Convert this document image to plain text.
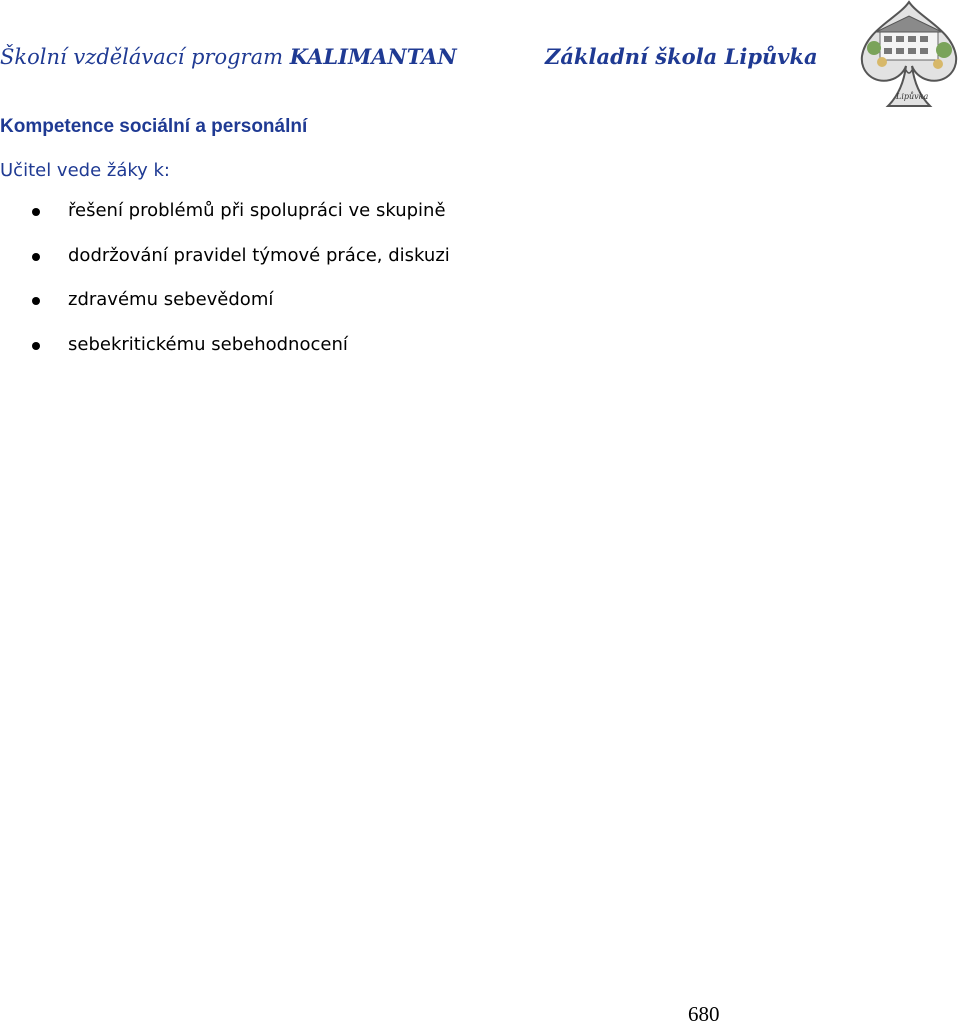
Školní vzdělávací program KALIMANTAN	Základní škola Lipůvka
Lipůvka
Kompetence sociální a personální
Učitel vede žáky k:
řešení problémů při spolupráci ve skupině
dodržování pravidel týmové práce, diskuzi
zdravému sebevědomí
sebekritickému sebehodnocení
680
